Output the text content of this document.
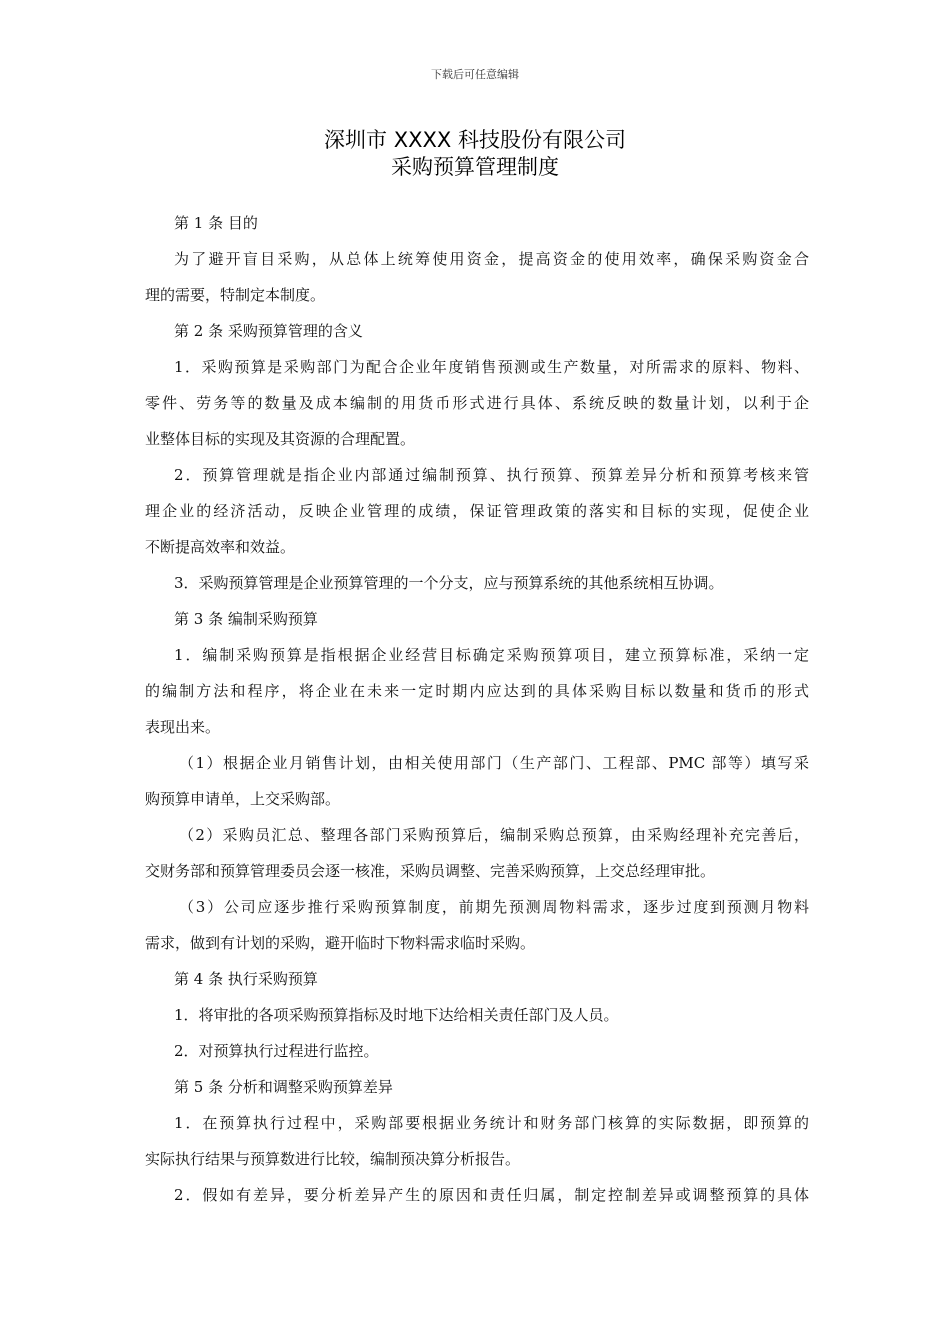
下载后可任意编辑
深圳市 XXXX 科技股份有限公司
采购预算管理制度
第 1 条 目的
为了避开盲目采购，从总体上统筹使用资金，提高资金的使用效率，确保采购资金合
理的需要，特制定本制度。
第 2 条 采购预算管理的含义
1．采购预算是采购部门为配合企业年度销售预测或生产数量，对所需求的原料、物料、
零件、劳务等的数量及成本编制的用货币形式进行具体、系统反映的数量计划，以利于企
业整体目标的实现及其资源的合理配置。
2．预算管理就是指企业内部通过编制预算、执行预算、预算差异分析和预算考核来管
理企业的经济活动，反映企业管理的成绩，保证管理政策的落实和目标的实现，促使企业
不断提高效率和效益。
3．采购预算管理是企业预算管理的一个分支，应与预算系统的其他系统相互协调。
第 3 条 编制采购预算
1．编制采购预算是指根据企业经营目标确定采购预算项目，建立预算标准，采纳一定
的编制方法和程序，将企业在未来一定时期内应达到的具体采购目标以数量和货币的形式
表现出来。
（1）根据企业月销售计划，由相关使用部门（生产部门、工程部、PMC 部等）填写采
购预算申请单，上交采购部。
（2）采购员汇总、整理各部门采购预算后，编制采购总预算，由采购经理补充完善后，
交财务部和预算管理委员会逐一核准，采购员调整、完善采购预算，上交总经理审批。
（3）公司应逐步推行采购预算制度，前期先预测周物料需求，逐步过度到预测月物料
需求，做到有计划的采购，避开临时下物料需求临时采购。
第 4 条 执行采购预算
1．将审批的各项采购预算指标及时地下达给相关责任部门及人员。
2．对预算执行过程进行监控。
第 5 条 分析和调整采购预算差异
1．在预算执行过程中，采购部要根据业务统计和财务部门核算的实际数据，即预算的
实际执行结果与预算数进行比较，编制预决算分析报告。
2．假如有差异，要分析差异产生的原因和责任归属，制定控制差异或调整预算的具体
